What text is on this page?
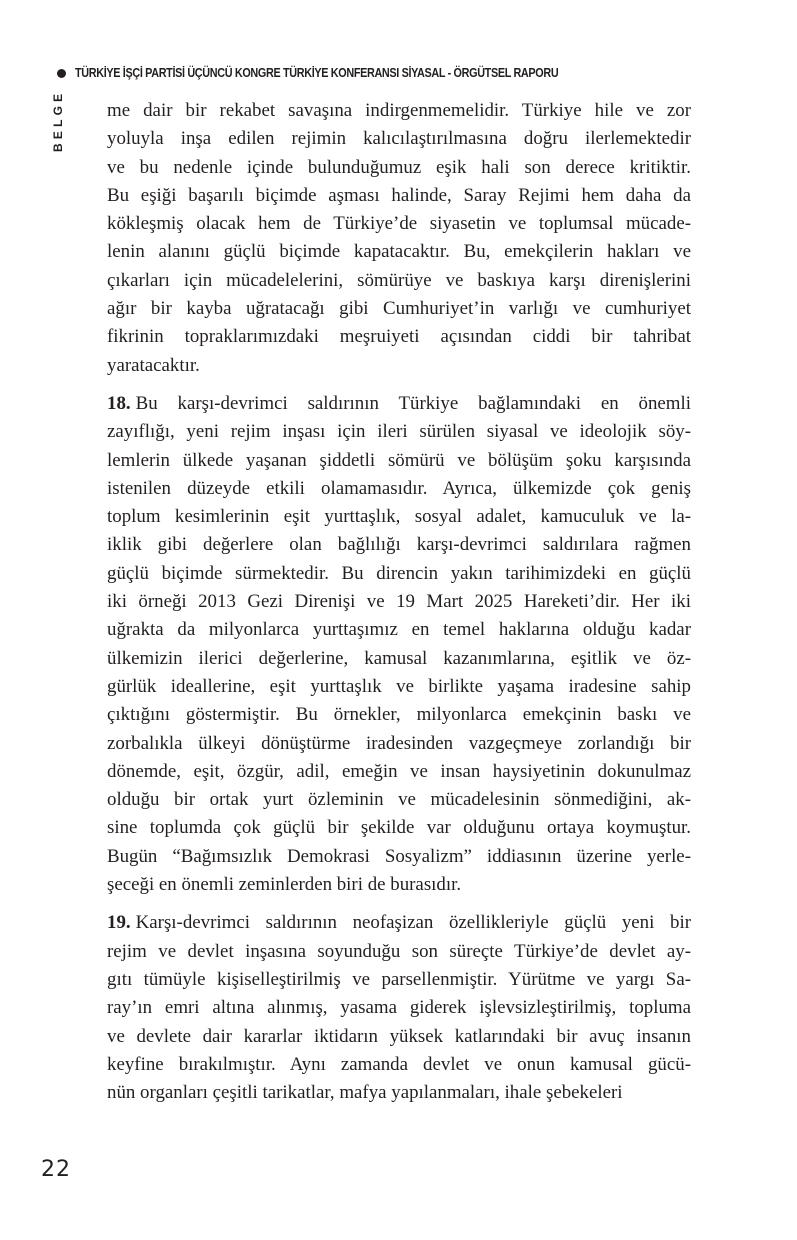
TÜRKİYE İŞÇİ PARTİSİ ÜÇÜNCÜ KONGRE TÜRKİYE KONFERANSI SİYASAL - ÖRGÜTSEL RAPORU
BELGE me dair bir rekabet savaşına indirgenmemelidir. Türkiye hile ve zor
yoluyla inşa edilen rejimin kalıcılaştırılmasına doğru ilerlemektedir
ve bu nedenle içinde bulunduğumuz eşik hali son derece kritiktir.
Bu eşiği başarılı biçimde aşması halinde, Saray Rejimi hem daha da
kökleşmiş olacak hem de Türkiye’de siyasetin ve toplumsal mücade-
lenin alanını güçlü biçimde kapatacaktır. Bu, emekçilerin hakları ve
çıkarları için mücadelelerini, sömürüye ve baskıya karşı direnişlerini
ağır bir kayba uğratacağı gibi Cumhuriyet’in varlığı ve cumhuriyet
fikrinin topraklarımızdaki meşruiyeti açısından ciddi bir tahribat
yaratacaktır.
18. Bu karşı-devrimci saldırının Türkiye bağlamındaki en önemli
zayıflığı, yeni rejim inşası için ileri sürülen siyasal ve ideolojik söy-
lemlerin ülkede yaşanan şiddetli sömürü ve bölüşüm şoku karşısında
istenilen düzeyde etkili olamamasıdır. Ayrıca, ülkemizde çok geniş
toplum kesimlerinin eşit yurttaşlık, sosyal adalet, kamuculuk ve la-
iklik gibi değerlere olan bağlılığı karşı-devrimci saldırılara rağmen
güçlü biçimde sürmektedir. Bu direncin yakın tarihimizdeki en güçlü
iki örneği 2013 Gezi Direnişi ve 19 Mart 2025 Hareketi’dir. Her iki
uğrakta da milyonlarca yurttaşımız en temel haklarına olduğu kadar
ülkemizin ilerici değerlerine, kamusal kazanımlarına, eşitlik ve öz-
gürlük ideallerine, eşit yurttaşlık ve birlikte yaşama iradesine sahip
çıktığını göstermiştir. Bu örnekler, milyonlarca emekçinin baskı ve
zorbalıkla ülkeyi dönüştürme iradesinden vazgeçmeye zorlandığı bir
dönemde, eşit, özgür, adil, emeğin ve insan haysiyetinin dokunulmaz
olduğu bir ortak yurt özleminin ve mücadelesinin sönmediğini, ak-
sine toplumda çok güçlü bir şekilde var olduğunu ortaya koymuştur.
Bugün “Bağımsızlık Demokrasi Sosyalizm” iddiasının üzerine yerle-
şeceği en önemli zeminlerden biri de burasıdır.
19. Karşı-devrimci saldırının neofaşizan özellikleriyle güçlü yeni bir
rejim ve devlet inşasına soyunduğu son süreçte Türkiye’de devlet ay-
gıtı tümüyle kişiselleştirilmiş ve parsellenmiştir. Yürütme ve yargı Sa-
ray’ın emri altına alınmış, yasama giderek işlevsizleştirilmiş, topluma
ve devlete dair kararlar iktidarın yüksek katlarındaki bir avuç insanın
keyfine bırakılmıştır. Aynı zamanda devlet ve onun kamusal gücü-
nün organları çeşitli tarikatlar, mafya yapılanmaları, ihale şebekeleri
22
